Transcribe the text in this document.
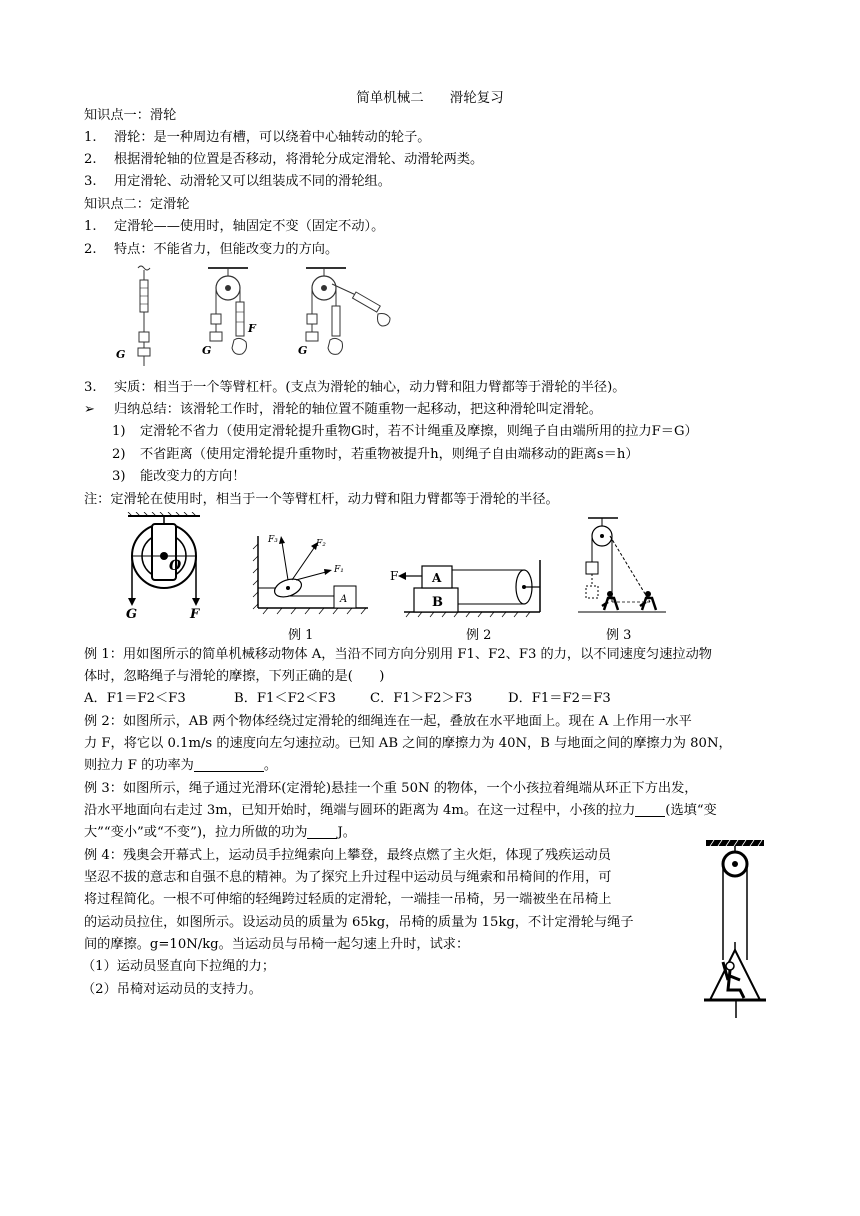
简单机械二 滑轮复习
知识点一：滑轮
1. 滑轮：是一种周边有槽，可以绕着中心轴转动的轮子。
2. 根据滑轮轴的位置是否移动，将滑轮分成定滑轮、动滑轮两类。
3. 用定滑轮、动滑轮又可以组装成不同的滑轮组。
知识点二：定滑轮
1. 定滑轮——使用时，轴固定不变（固定不动）。
2. 特点：不能省力，但能改变力的方向。
G
F
G	G
3. 实质：相当于一个等臂杠杆。(支点为滑轮的轴心，动力臂和阻力臂都等于滑轮的半径)。
➢ 归纳总结：该滑轮工作时，滑轮的轴位置不随重物一起移动，把这种滑轮叫定滑轮。
1) 定滑轮不省力（使用定滑轮提升重物G时，若不计绳重及摩擦，则绳子自由端所用的拉力F＝G）
2) 不省距离（使用定滑轮提升重物时，若重物被提升h，则绳子自由端移动的距离s＝h）
3) 能改变力的方向！
注：定滑轮在使用时，相当于一个等臂杠杆，动力臂和阻力臂都等于滑轮的半径。
O
G	F
A
F₃	F₂
F₁
例 1
B
A
F
例 2	例 3
例 1：用如图所示的简单机械移动物体 A，当沿不同方向分别用 F1、F2、F3 的力，以不同速度匀速拉动物
体时，忽略绳子与滑轮的摩擦，下列正确的是(　　)
A．F1＝F2＜F3	B．F1＜F2＜F3	C．F1＞F2＞F3	D．F1＝F2＝F3
例 2：如图所示，AB 两个物体经绕过定滑轮的细绳连在一起，叠放在水平地面上。现在 A 上作用一水平
力 F，将它以 0.1m/s 的速度向左匀速拉动。已知 AB 之间的摩擦力为 40N，B 与地面之间的摩擦力为 80N，
则拉力 F 的功率为	。
例 3：如图所示，绳子通过光滑环(定滑轮)悬挂一个重 50N 的物体，一个小孩拉着绳端从环正下方出发，
沿水平地面向右走过 3m，已知开始时，绳端与圆环的距离为 4m。在这一过程中，小孩的拉力 (选填“变
大”“变小”或“不变”)，拉力所做的功为 J。
例 4：残奥会开幕式上，运动员手拉绳索向上攀登，最终点燃了主火炬，体现了残疾运动员
坚忍不拔的意志和自强不息的精神。为了探究上升过程中运动员与绳索和吊椅间的作用，可
将过程简化。一根不可伸缩的轻绳跨过轻质的定滑轮，一端挂一吊椅，另一端被坐在吊椅上
的运动员拉住，如图所示。设运动员的质量为 65kg，吊椅的质量为 15kg，不计定滑轮与绳子
间的摩擦。g=10N/kg。当运动员与吊椅一起匀速上升时，试求：
（1）运动员竖直向下拉绳的力；
（2）吊椅对运动员的支持力。
